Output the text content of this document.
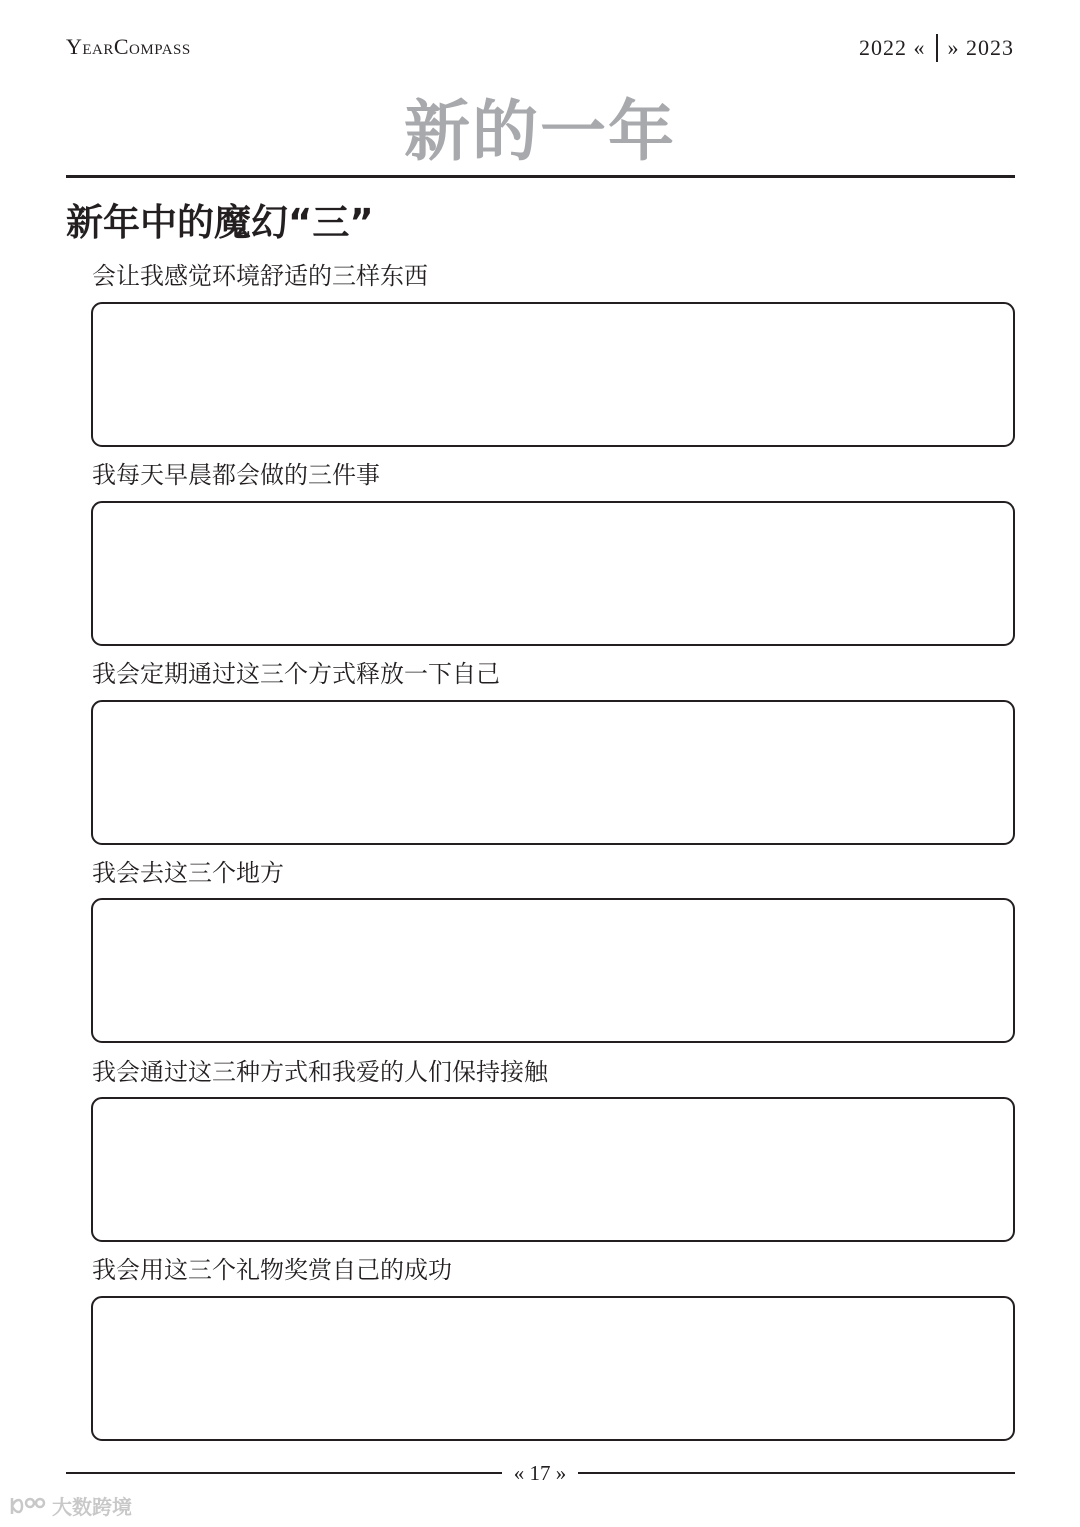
YearCompass	2022 « » 2023
新的一年
新年中的魔幻“三”
会让我感觉环境舒适的三样东西
我每天早晨都会做的三件事
我会定期通过这三个方式释放一下自己
我会去这三个地方
我会通过这三种方式和我爱的人们保持接触
我会用这三个礼物奖赏自己的成功
« 17 »
大数跨境
